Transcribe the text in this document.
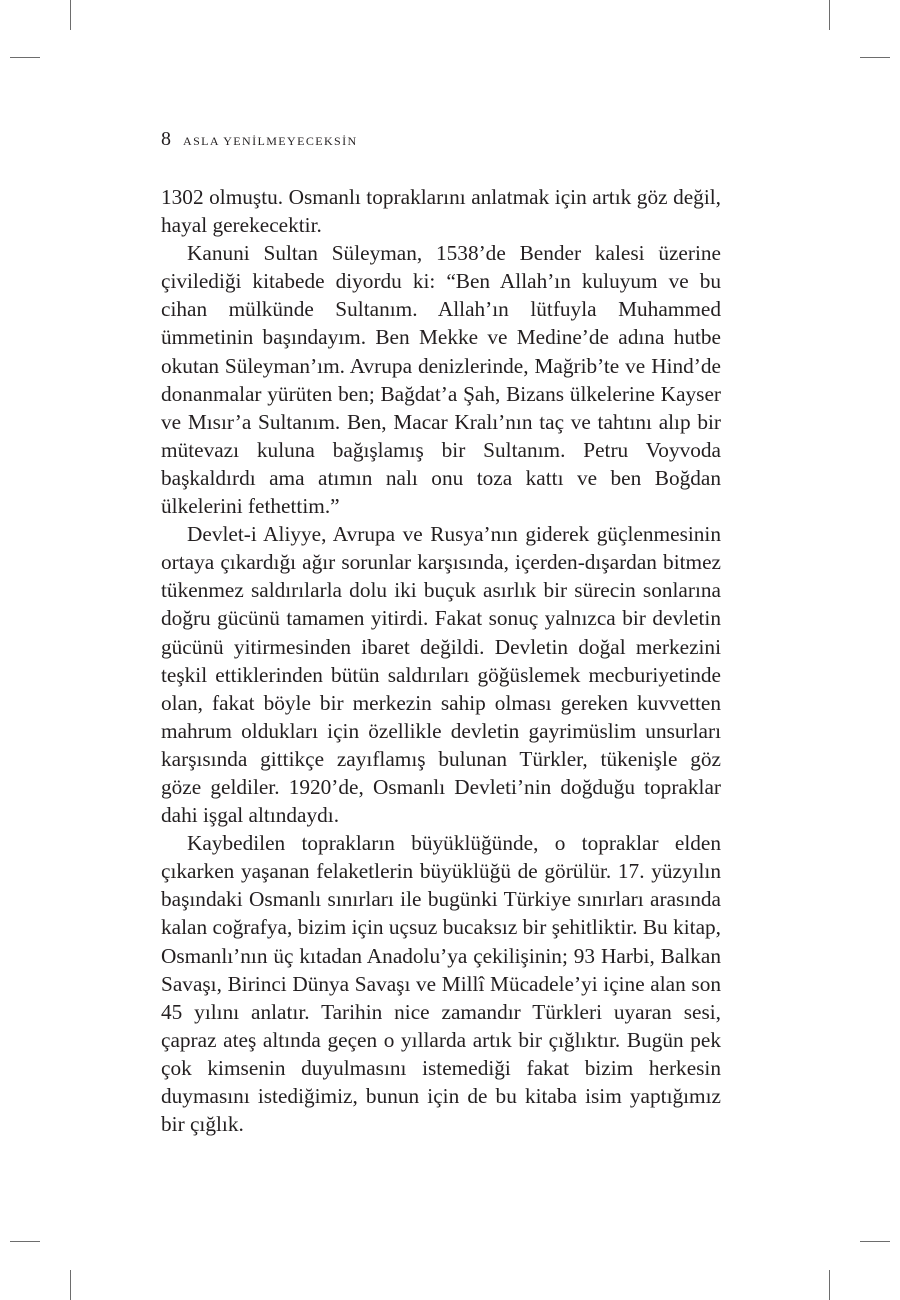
8 ASLA YENİLMEYECEKSİN

1302 olmuştu. Osmanlı topraklarını anlatmak için artık göz değil, hayal gerekecektir.

Kanuni Sultan Süleyman, 1538’de Bender kalesi üzerine çivilediği kitabede diyordu ki: “Ben Allah’ın kuluyum ve bu cihan mülkünde Sultanım. Allah’ın lütfuyla Muhammed ümmetinin başındayım. Ben Mekke ve Medine’de adına hutbe okutan Süleyman’ım. Avrupa denizlerinde, Mağrib’te ve Hind’de donanmalar yürüten ben; Bağdat’a Şah, Bizans ülkelerine Kayser ve Mısır’a Sultanım. Ben, Macar Kralı’nın taç ve tahtını alıp bir mütevazı kuluna bağışlamış bir Sultanım. Petru Voyvoda başkaldırdı ama atımın nalı onu toza kattı ve ben Boğdan ülkelerini fethettim.”

Devlet-i Aliyye, Avrupa ve Rusya’nın giderek güçlenmesinin ortaya çıkardığı ağır sorunlar karşısında, içerden-dışardan bitmez tükenmez saldırılarla dolu iki buçuk asırlık bir sürecin sonlarına doğru gücünü tamamen yitirdi. Fakat sonuç yalnızca bir devletin gücünü yitirmesinden ibaret değildi. Devletin doğal merkezini teşkil ettiklerinden bütün saldırıları göğüslemek mecburiyetinde olan, fakat böyle bir merkezin sahip olması gereken kuvvetten mahrum oldukları için özellikle devletin gayrimüslim unsurları karşısında gittikçe zayıflamış bulunan Türkler, tükenişle göz göze geldiler. 1920’de, Osmanlı Devleti’nin doğduğu topraklar dahi işgal altındaydı.

Kaybedilen toprakların büyüklüğünde, o topraklar elden çıkarken yaşanan felaketlerin büyüklüğü de görülür. 17. yüzyılın başındaki Osmanlı sınırları ile bugünki Türkiye sınırları arasında kalan coğrafya, bizim için uçsuz bucaksız bir şehitliktir. Bu kitap, Osmanlı’nın üç kıtadan Anadolu’ya çekilişinin; 93 Harbi, Balkan Savaşı, Birinci Dünya Savaşı ve Millî Mücadele’yi içine alan son 45 yılını anlatır. Tarihin nice zamandır Türkleri uyaran sesi, çapraz ateş altında geçen o yıllarda artık bir çığlıktır. Bugün pek çok kimsenin duyulmasını istemediği fakat bizim herkesin duymasını istediğimiz, bunun için de bu kitaba isim yaptığımız bir çığlık.
